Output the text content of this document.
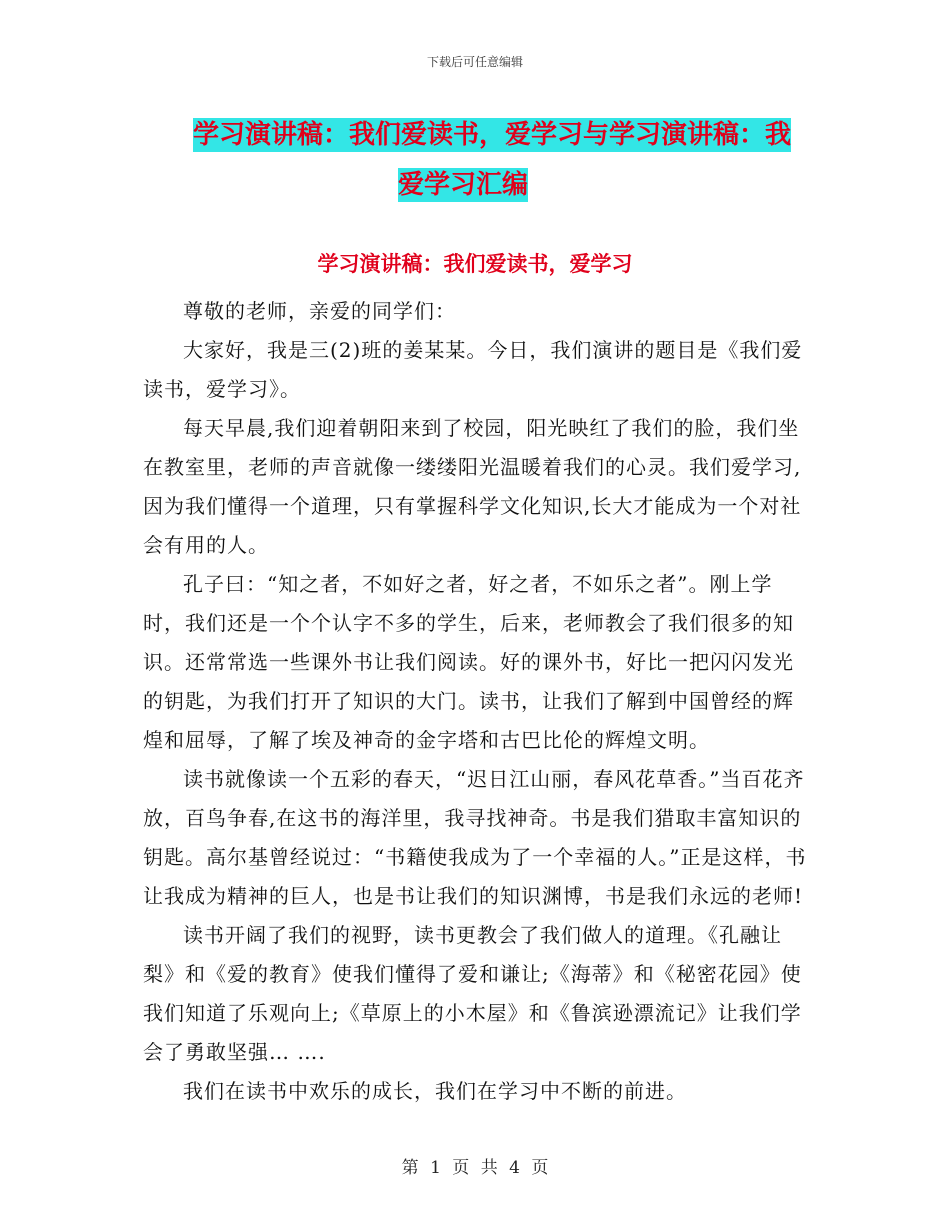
下载后可任意编辑
学习演讲稿：我们爱读书，爱学习与学习演讲稿：我
爱学习汇编
学习演讲稿：我们爱读书，爱学习

尊敬的老师，亲爱的同学们：

大家好，我是三(2)班的姜某某。今日，我们演讲的题目是《我们爱读书，爱学习》。

每天早晨,我们迎着朝阳来到了校园，阳光映红了我们的脸，我们坐在教室里，老师的声音就像一缕缕阳光温暖着我们的心灵。我们爱学习,因为我们懂得一个道理，只有掌握科学文化知识,长大才能成为一个对社会有用的人。

孔子曰：“知之者，不如好之者，好之者，不如乐之者”。刚上学时，我们还是一个个认字不多的学生，后来，老师教会了我们很多的知识。还常常选一些课外书让我们阅读。好的课外书，好比一把闪闪发光的钥匙，为我们打开了知识的大门。读书，让我们了解到中国曾经的辉煌和屈辱，了解了埃及神奇的金字塔和古巴比伦的辉煌文明。

读书就像读一个五彩的春天，“迟日江山丽，春风花草香。”当百花齐放，百鸟争春,在这书的海洋里，我寻找神奇。书是我们猎取丰富知识的钥匙。高尔基曾经说过：“书籍使我成为了一个幸福的人。”正是这样，书让我成为精神的巨人，也是书让我们的知识渊博，书是我们永远的老师!

读书开阔了我们的视野，读书更教会了我们做人的道理。《孔融让梨》和《爱的教育》使我们懂得了爱和谦让;《海蒂》和《秘密花园》使我们知道了乐观向上;《草原上的小木屋》和《鲁滨逊漂流记》让我们学会了勇敢坚强… ….

我们在读书中欢乐的成长，我们在学习中不断的前进。

第 1 页 共 4 页
